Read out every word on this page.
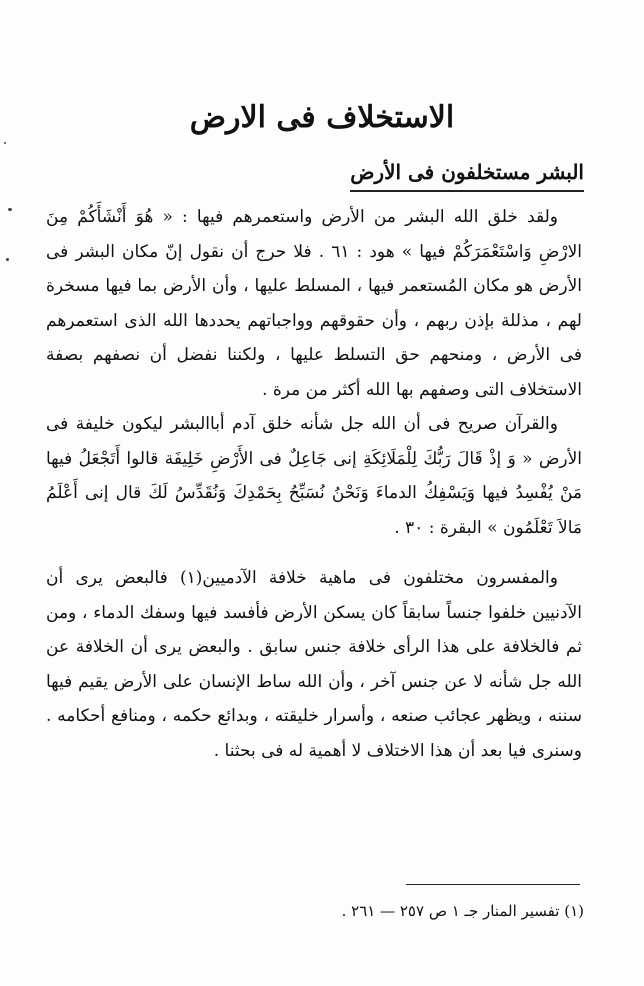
الاستخلاف فى الارض
البشر مستخلفون فى الأرض

ولقد خلق الله البشر من الأرض واستعمرهم فيها : « هُوَ أَنْشَأَكُمْ مِنَ الارْضِ وَاسْتَعْمَرَكُمْ فيها » هود : ٦١ . فلا حرج أن نقول إنّ مكان البشر فى الأرض هو مكان المُستعمر فيها ، المسلط عليها ، وأن الأرض بما فيها مسخرة لهم ، مذللة بإذن ربهم ، وأن حقوقهم وواجباتهم يحددها الله الذى استعمرهم فى الأرض ، ومنحهم حق التسلط عليها ، ولكننا نفضل أن نصفهم بصفة الاستخلاف التى وصفهم بها الله أكثر من مرة .

والقرآن صريح فى أن الله جل شأنه خلق آدم أباالبشر ليكون خليفة فى الأرض « وَ إذْ قَالَ رَبُّكَ لِلْمَلَائِكَةِ إنى جَاعِلٌ فى الأَرْضِ خَلِيفَة قالوا أَتَجْعَلُ فيها مَنْ يُفْسِدُ فيها وَيَسْفِكُ الدماءَ وَنَحْنُ نُسَبِّحُ بِحَمْدِكَ وَنُقَدِّسُ لَكَ قال إنى أَعْلَمُ مَالاَ تَعْلَمُون » البقرة : ٣٠ .

والمفسرون مختلفون فى ماهية خلافة الآدميين(١) فالبعض يرى أن الآدنيين خلفوا جنساً سابقاً كان يسكن الأرض فأفسد فيها وسفك الدماء ، ومن ثم فالخلافة على هذا الرأى خلافة جنس سابق . والبعض يرى أن الخلافة عن الله جل شأنه لا عن جنس آخر ، وأن الله ساط الإنسان على الأرض يقيم فيها سننه ، ويظهر عجائب صنعه ، وأسرار خليقته ، وبدائع حكمه ، ومنافع أحكامه . وسنرى فيا بعد أن هذا الاختلاف لا أهمية له فى بحثنا .

(١) تفسير المنار جـ ١ ص ٢٥٧ — ٢٦١ .
